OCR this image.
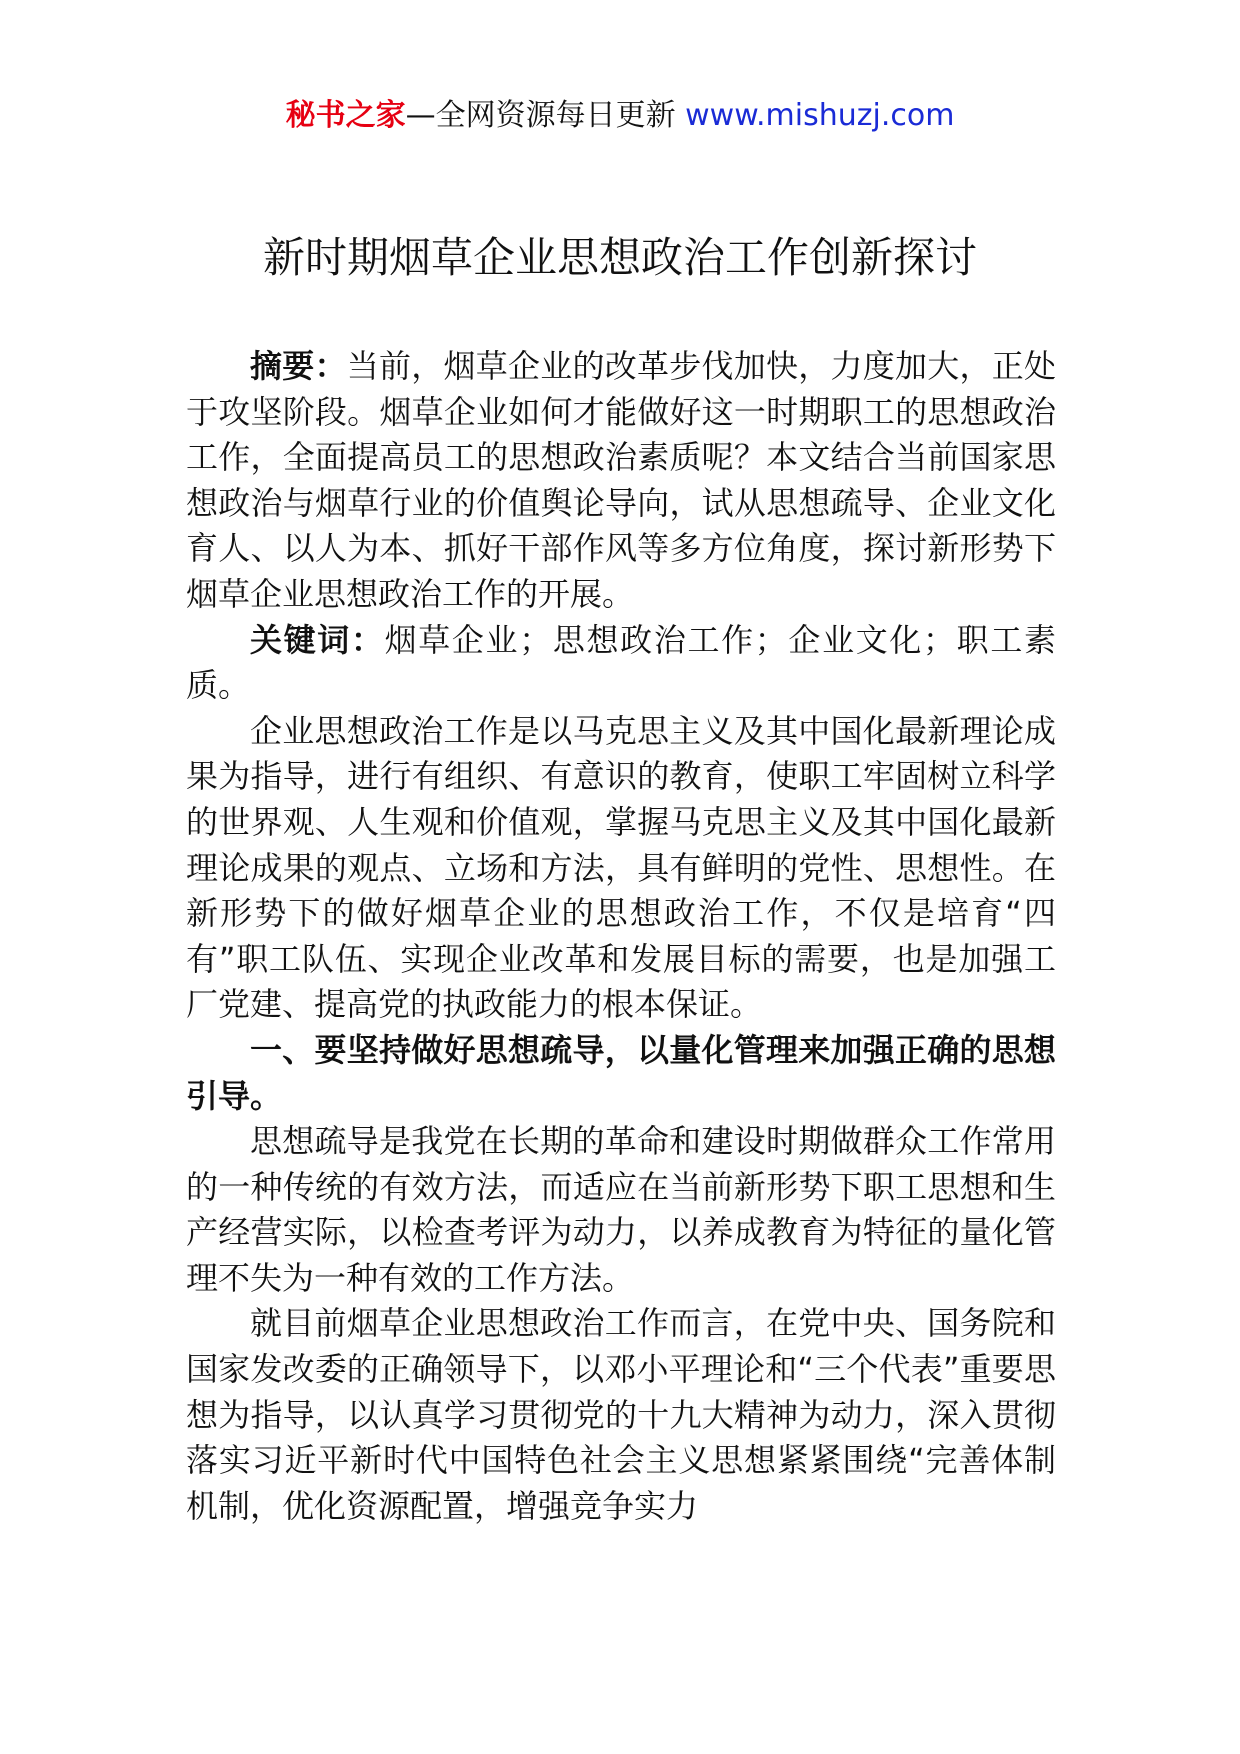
秘书之家—全网资源每日更新 www.mishuzj.com
新时期烟草企业思想政治工作创新探讨

摘要：当前，烟草企业的改革步伐加快，力度加大，正处于攻坚阶段。烟草企业如何才能做好这一时期职工的思想政治工作，全面提高员工的思想政治素质呢？本文结合当前国家思想政治与烟草行业的价值舆论导向，试从思想疏导、企业文化育人、以人为本、抓好干部作风等多方位角度，探讨新形势下烟草企业思想政治工作的开展。

关键词：烟草企业；思想政治工作；企业文化；职工素质。

企业思想政治工作是以马克思主义及其中国化最新理论成果为指导，进行有组织、有意识的教育，使职工牢固树立科学的世界观、人生观和价值观，掌握马克思主义及其中国化最新理论成果的观点、立场和方法，具有鲜明的党性、思想性。在新形势下的做好烟草企业的思想政治工作，不仅是培育“四有”职工队伍、实现企业改革和发展目标的需要，也是加强工厂党建、提高党的执政能力的根本保证。

一、要坚持做好思想疏导，以量化管理来加强正确的思想引导。

思想疏导是我党在长期的革命和建设时期做群众工作常用的一种传统的有效方法，而适应在当前新形势下职工思想和生产经营实际，以检查考评为动力，以养成教育为特征的量化管理不失为一种有效的工作方法。

就目前烟草企业思想政治工作而言，在党中央、国务院和国家发改委的正确领导下，以邓小平理论和“三个代表”重要思想为指导，以认真学习贯彻党的十九大精神为动力，深入贯彻落实习近平新时代中国特色社会主义思想紧紧围绕“完善体制机制，优化资源配置，增强竞争实力
